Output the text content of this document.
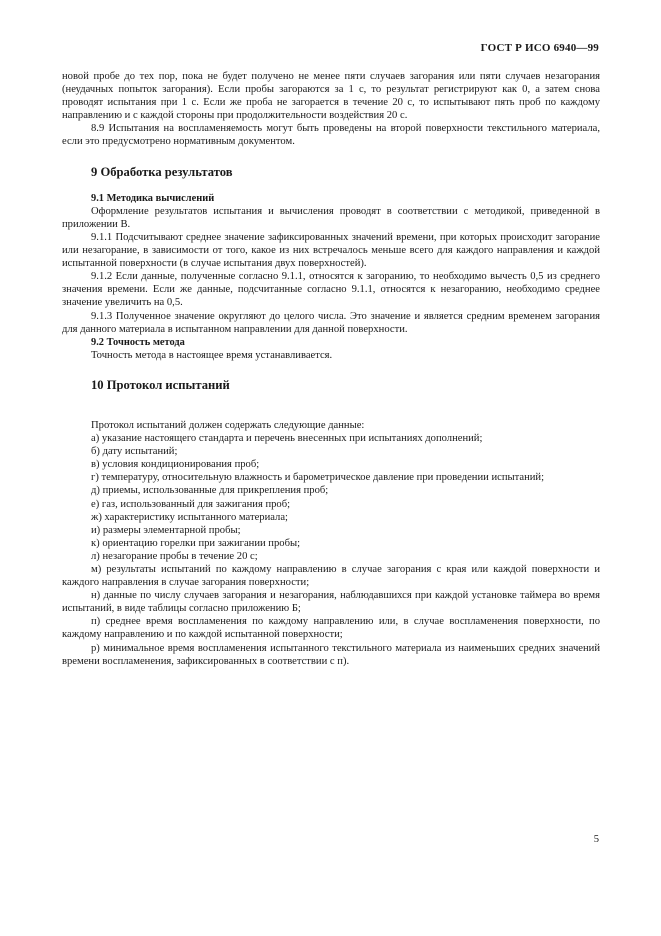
ГОСТ Р ИСО 6940—99

новой пробе до тех пор, пока не будет получено не менее пяти случаев загорания или пяти случаев незагорания (неудачных попыток загорания). Если пробы загораются за 1 с, то результат регистрируют как 0, а затем снова проводят испытания при 1 с. Если же проба не загорается в течение 20 с, то испытывают пять проб по каждому направлению и с каждой стороны при продолжительности воздействия 20 с.

8.9 Испытания на воспламеняемость могут быть проведены на второй поверхности текстильного материала, если это предусмотрено нормативным документом.

9 Обработка результатов
9.1 Методика вычислений

Оформление результатов испытания и вычисления проводят в соответствии с методикой, приведенной в приложении В.

9.1.1 Подсчитывают среднее значение зафиксированных значений времени, при которых происходит загорание или незагорание, в зависимости от того, какое из них встречалось меньше всего для каждого направления и каждой испытанной поверхности (в случае испытания двух поверхностей).

9.1.2 Если данные, полученные согласно 9.1.1, относятся к загоранию, то необходимо вычесть 0,5 из среднего значения времени. Если же данные, подсчитанные согласно 9.1.1, относятся к незагоранию, необходимо среднее значение увеличить на 0,5.

9.1.3 Полученное значение округляют до целого числа. Это значение и является средним временем загорания для данного материала в испытанном направлении для данной поверхности.

9.2 Точность метода

Точность метода в настоящее время устанавливается.

10 Протокол испытаний

Протокол испытаний должен содержать следующие данные:

а) указание настоящего стандарта и перечень внесенных при испытаниях дополнений;

б) дату испытаний;

в) условия кондиционирования проб;

г) температуру, относительную влажность и барометрическое давление при проведении испытаний;

д) приемы, использованные для прикрепления проб;

е) газ, использованный для зажигания проб;

ж) характеристику испытанного материала;

и) размеры элементарной пробы;

к) ориентацию горелки при зажигании пробы;

л) незагорание пробы в течение 20 с;

м) результаты испытаний по каждому направлению в случае загорания с края или каждой поверхности и каждого направления в случае загорания поверхности;

н) данные по числу случаев загорания и незагорания, наблюдавшихся при каждой установке таймера во время испытаний, в виде таблицы согласно приложению Б;

п) среднее время воспламенения по каждому направлению или, в случае воспламенения поверхности, по каждому направлению и по каждой испытанной поверхности;

р) минимальное время воспламенения испытанного текстильного материала из наименьших средних значений времени воспламенения, зафиксированных в соответствии с п).

5
